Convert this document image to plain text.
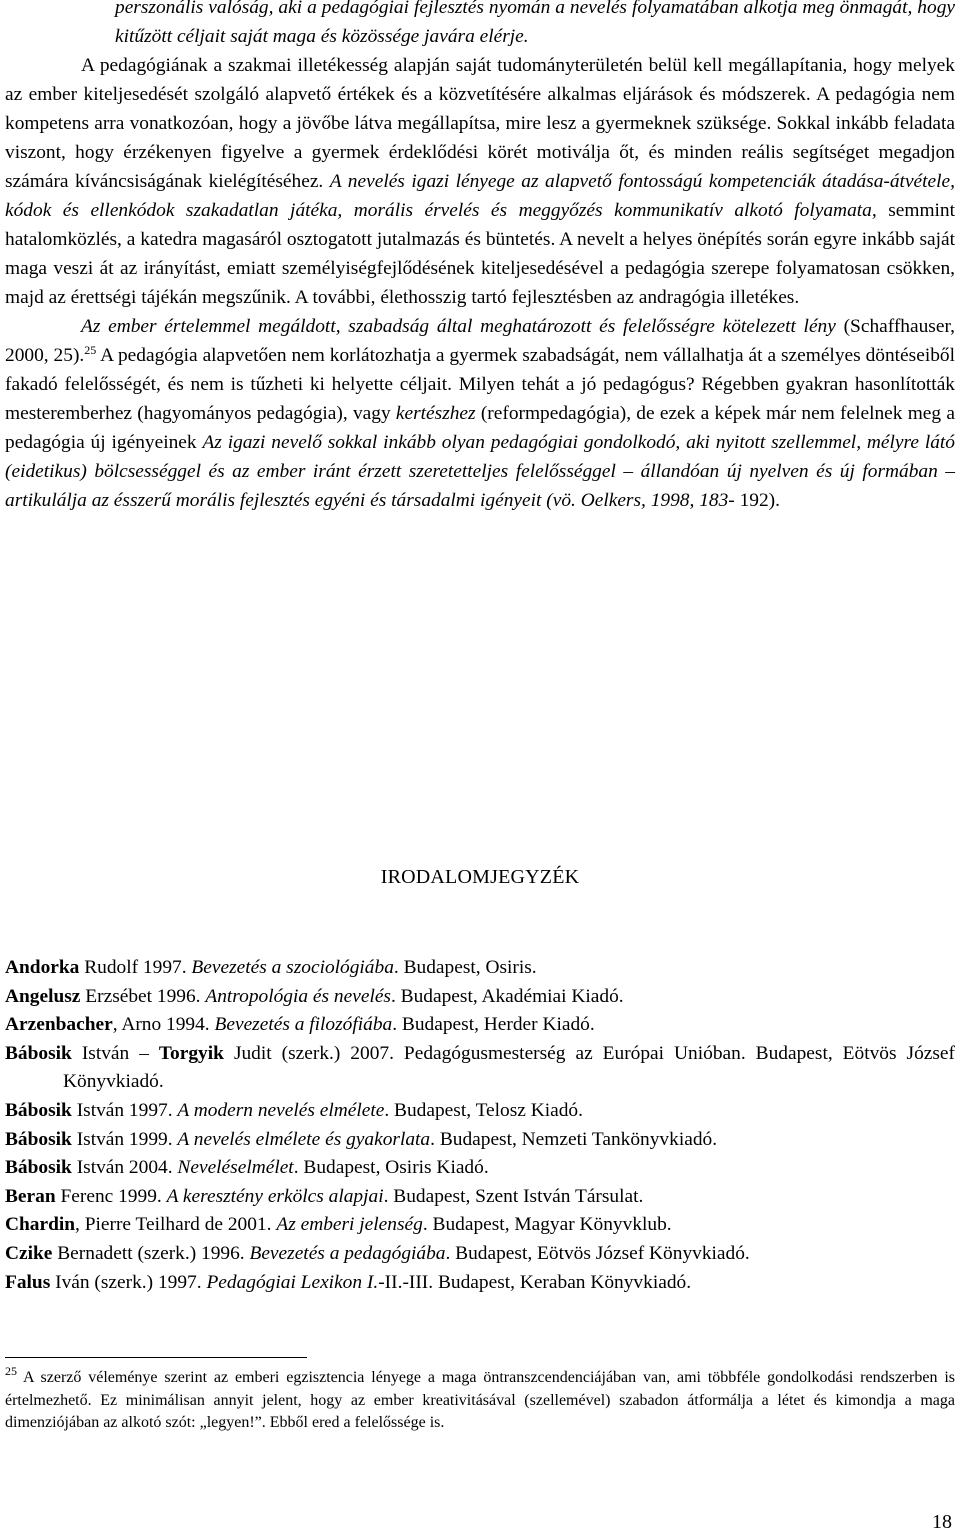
perszonális valóság, aki a pedagógiai fejlesztés nyomán a nevelés folyamatában alkotja meg önmagát, hogy kitűzött céljait saját maga és közössége javára elérje.

A pedagógiának a szakmai illetékesség alapján saját tudományterületén belül kell megállapítania, hogy melyek az ember kiteljesedését szolgáló alapvető értékek és a közvetítésére alkalmas eljárások és módszerek. A pedagógia nem kompetens arra vonatkozóan, hogy a jövőbe látva megállapítsa, mire lesz a gyermeknek szüksége. Sokkal inkább feladata viszont, hogy érzékenyen figyelve a gyermek érdeklődési körét motiválja őt, és minden reális segítséget megadjon számára kíváncsiságának kielégítéséhez. A nevelés igazi lényege az alapvető fontosságú kompetenciák átadása-átvétele, kódok és ellenkódok szakadatlan játéka, morális érvelés és meggyőzés kommunikatív alkotó folyamata, semmint hatalomközlés, a katedra magasáról osztogatott jutalmazás és büntetés. A nevelt a helyes önépítés során egyre inkább saját maga veszi át az irányítást, emiatt személyiségfejlődésének kiteljesedésével a pedagógia szerepe folyamatosan csökken, majd az érettségi tájékán megszűnik. A további, élethosszig tartó fejlesztésben az andragógia illetékes.

Az ember értelemmel megáldott, szabadság által meghatározott és felelősségre kötelezett lény (Schaffhauser, 2000, 25).$^{25}$ A pedagógia alapvetően nem korlátozhatja a gyermek szabadságát, nem vállalhatja át a személyes döntéseiből fakadó felelősségét, és nem is tűzheti ki helyette céljait. Milyen tehát a jó pedagógus? Régebben gyakran hasonlították mesteremberhez (hagyományos pedagógia), vagy kertészhez (reformpedagógia), de ezek a képek már nem felelnek meg a pedagógia új igényeinek Az igazi nevelő sokkal inkább olyan pedagógiai gondolkodó, aki nyitott szellemmel, mélyre látó (eidetikus) bölcsességgel és az ember iránt érzett szeretetteljes felelősséggel – állandóan új nyelven és új formában – artikulálja az ésszerű morális fejlesztés egyéni és társadalmi igényeit (vö. Oelkers, 1998, 183- 192).

IRODALOMJEGYZÉK

Andorka Rudolf 1997. Bevezetés a szociológiába. Budapest, Osiris.

Angelusz Erzsébet 1996. Antropológia és nevelés. Budapest, Akadémiai Kiadó.

Arzenbacher, Arno 1994. Bevezetés a filozófiába. Budapest, Herder Kiadó.

Bábosik István – Torgyik Judit (szerk.) 2007. Pedagógusmesterség az Európai Unióban. Budapest, Eötvös József Könyvkiadó.

Bábosik István 1997. A modern nevelés elmélete. Budapest, Telosz Kiadó.

Bábosik István 1999. A nevelés elmélete és gyakorlata. Budapest, Nemzeti Tankönyvkiadó.

Bábosik István 2004. Neveléselmélet. Budapest, Osiris Kiadó.

Beran Ferenc 1999. A keresztény erkölcs alapjai. Budapest, Szent István Társulat.

Chardin, Pierre Teilhard de 2001. Az emberi jelenség. Budapest, Magyar Könyvklub.

Czike Bernadett (szerk.) 1996. Bevezetés a pedagógiába. Budapest, Eötvös József Könyvkiadó.

Falus Iván (szerk.) 1997. Pedagógiai Lexikon I.-II.-III. Budapest, Keraban Könyvkiadó.

$^{25}$ A szerző véleménye szerint az emberi egzisztencia lényege a maga öntranszcendenciájában van, ami többféle gondolkodási rendszerben is értelmezhető. Ez minimálisan annyit jelent, hogy az ember kreativitásával (szellemével) szabadon átformálja a létet és kimondja a maga dimenziójában az alkotó szót: „legyen!”. Ebből ered a felelőssége is.

18
